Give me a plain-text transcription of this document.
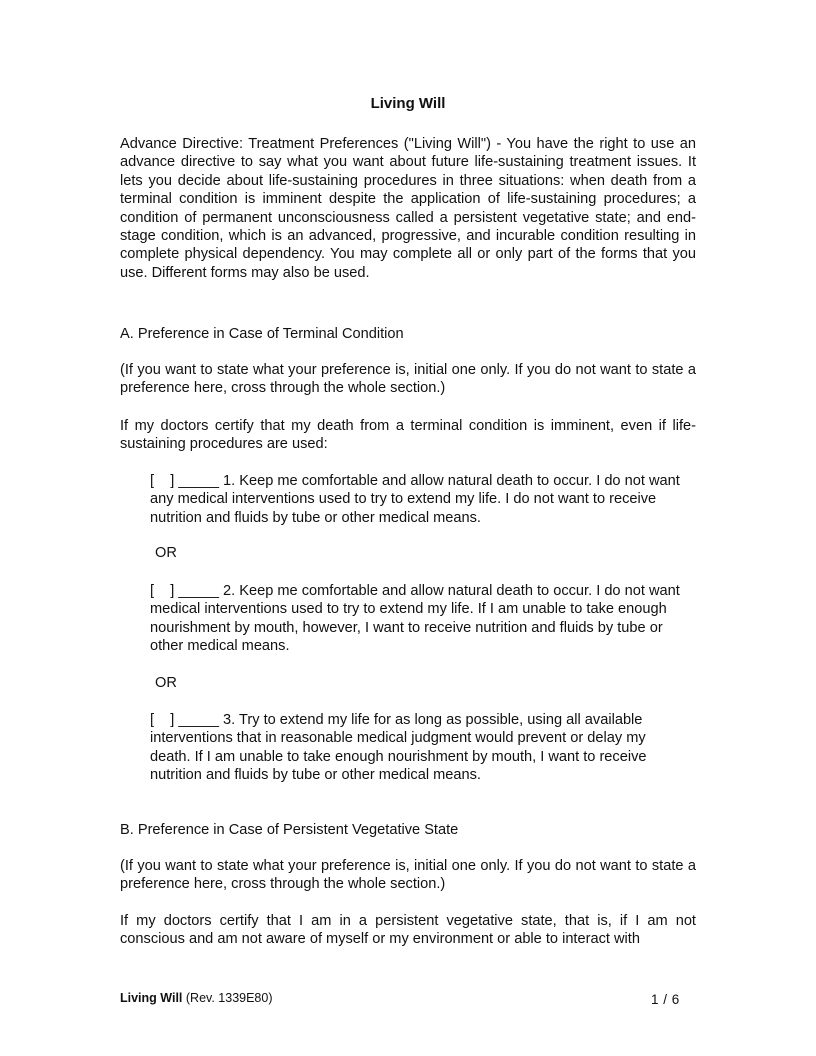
Living Will
Advance Directive: Treatment Preferences ("Living Will") - You have the right to use an advance directive to say what you want about future life-sustaining treatment issues. It lets you decide about life-sustaining procedures in three situations: when death from a terminal condition is imminent despite the application of life-sustaining procedures; a condition of permanent unconsciousness called a persistent vegetative state; and end-stage condition, which is an advanced, progressive, and incurable condition resulting in complete physical dependency. You may complete all or only part of the forms that you use. Different forms may also be used.
A. Preference in Case of Terminal Condition
(If you want to state what your preference is, initial one only. If you do not want to state a preference here, cross through the whole section.)
If my doctors certify that my death from a terminal condition is imminent, even if life-sustaining procedures are used:
[    ] _____ 1. Keep me comfortable and allow natural death to occur. I do not want any medical interventions used to try to extend my life. I do not want to receive nutrition and fluids by tube or other medical means.
OR
[    ] _____ 2. Keep me comfortable and allow natural death to occur. I do not want medical interventions used to try to extend my life. If I am unable to take enough nourishment by mouth, however, I want to receive nutrition and fluids by tube or other medical means.
OR
[    ] _____ 3. Try to extend my life for as long as possible, using all available interventions that in reasonable medical judgment would prevent or delay my death. If I am unable to take enough nourishment by mouth, I want to receive nutrition and fluids by tube or other medical means.
B. Preference in Case of Persistent Vegetative State
(If you want to state what your preference is, initial one only. If you do not want to state a preference here, cross through the whole section.)
If my doctors certify that I am in a persistent vegetative state, that is, if I am not conscious and am not aware of myself or my environment or able to interact with
Living Will (Rev. 1339E80)	1 / 6
